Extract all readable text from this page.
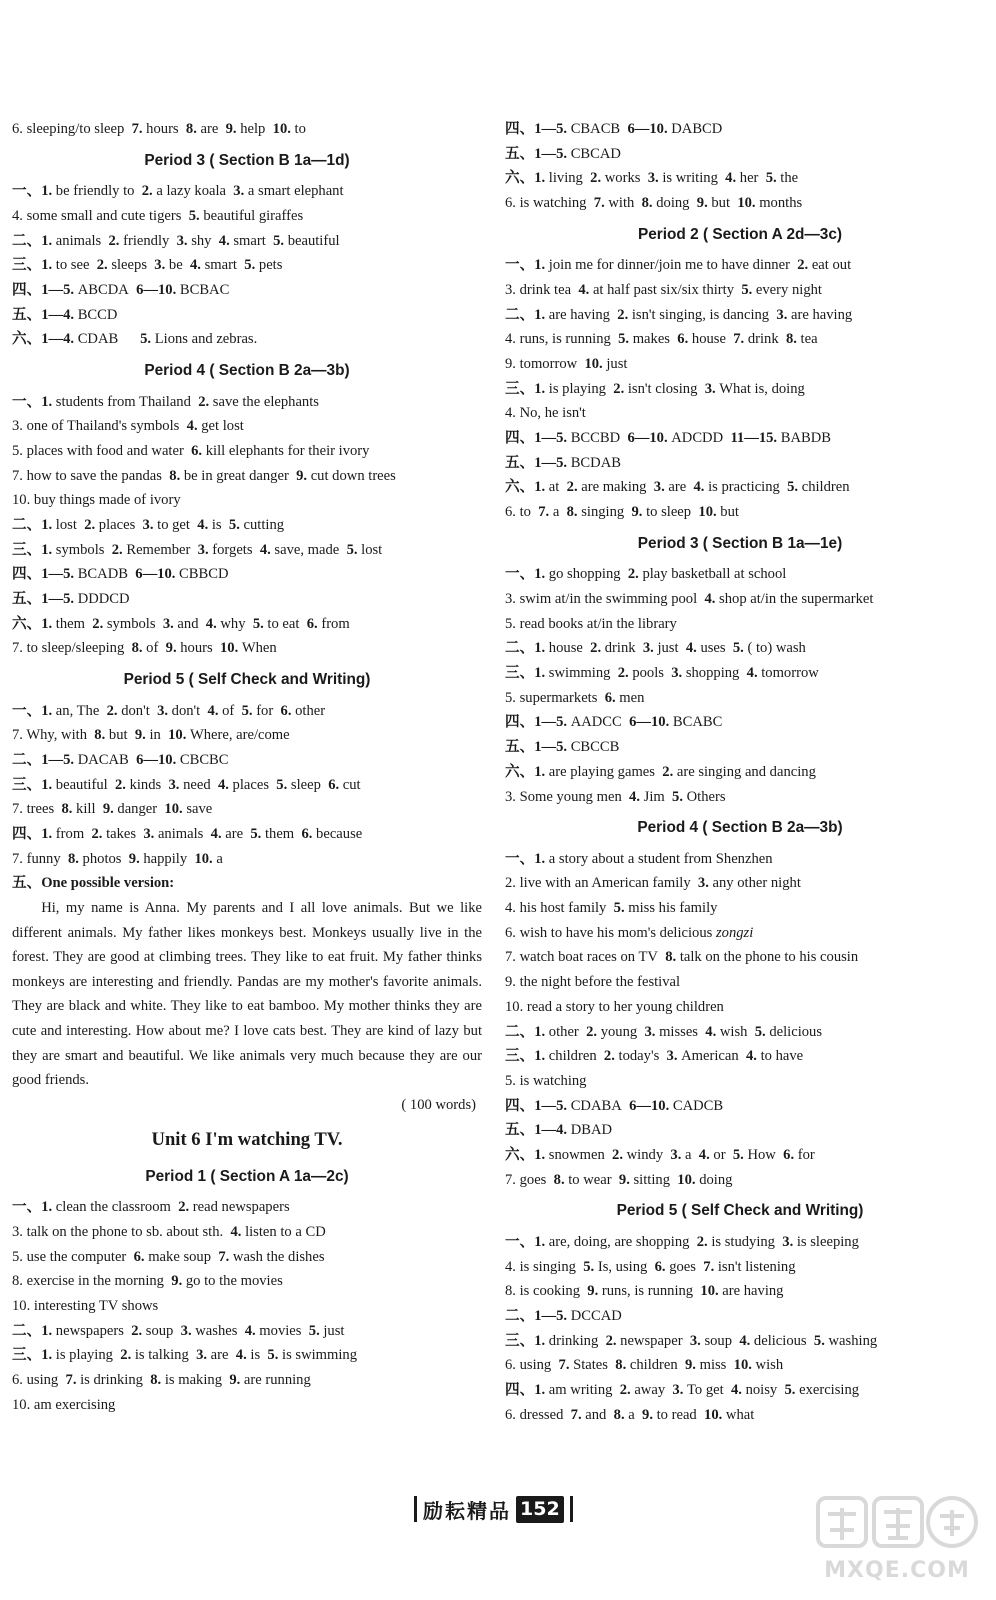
6. sleeping/to sleep  7. hours  8. are  9. help  10. to
Period 3 ( Section B 1a—1d)
一、1. be friendly to  2. a lazy koala  3. a smart elephant
4. some small and cute tigers  5. beautiful giraffes
二、1. animals  2. friendly  3. shy  4. smart  5. beautiful
三、1. to see  2. sleeps  3. be  4. smart  5. pets
四、1—5. ABCDA  6—10. BCBAC
五、1—4. BCCD
六、1—4. CDAB      5. Lions and zebras.
Period 4 ( Section B 2a—3b)
一、1. students from Thailand  2. save the elephants
3. one of Thailand's symbols  4. get lost
5. places with food and water  6. kill elephants for their ivory
7. how to save the pandas  8. be in great danger  9. cut down trees
10. buy things made of ivory
二、1. lost  2. places  3. to get  4. is  5. cutting
三、1. symbols  2. Remember  3. forgets  4. save, made  5. lost
四、1—5. BCADB  6—10. CBBCD
五、1—5. DDDCD
六、1. them  2. symbols  3. and  4. why  5. to eat  6. from
7. to sleep/sleeping  8. of  9. hours  10. When
Period 5 ( Self Check and Writing)
一、1. an, The  2. don't  3. don't  4. of  5. for  6. other
7. Why, with  8. but  9. in  10. Where, are/come
二、1—5. DACAB  6—10. CBCBC
三、1. beautiful  2. kinds  3. need  4. places  5. sleep  6. cut
7. trees  8. kill  9. danger  10. save
四、1. from  2. takes  3. animals  4. are  5. them  6. because
7. funny  8. photos  9. happily  10. a
五、One possible version:

Hi, my name is Anna. My parents and I all love animals. But we like different animals. My father likes monkeys best. Monkeys usually live in the forest. They are good at climbing trees. They like to eat fruit. My father thinks monkeys are interesting and friendly. Pandas are my mother's favorite animals. They are black and white. They like to eat bamboo. My mother thinks they are cute and interesting. How about me? I love cats best. They are kind of lazy but they are smart and beautiful. We like animals very much because they are our good friends.

( 100 words)
Unit 6 I'm watching TV.
Period 1 ( Section A 1a—2c)
一、1. clean the classroom  2. read newspapers
3. talk on the phone to sb. about sth.  4. listen to a CD
5. use the computer  6. make soup  7. wash the dishes
8. exercise in the morning  9. go to the movies
10. interesting TV shows
二、1. newspapers  2. soup  3. washes  4. movies  5. just
三、1. is playing  2. is talking  3. are  4. is  5. is swimming
6. using  7. is drinking  8. is making  9. are running
10. am exercising
四、1—5. CBACB  6—10. DABCD
五、1—5. CBCAD
六、1. living  2. works  3. is writing  4. her  5. the
6. is watching  7. with  8. doing  9. but  10. months
Period 2 ( Section A 2d—3c)
一、1. join me for dinner/join me to have dinner  2. eat out
3. drink tea  4. at half past six/six thirty  5. every night
二、1. are having  2. isn't singing, is dancing  3. are having
4. runs, is running  5. makes  6. house  7. drink  8. tea
9. tomorrow  10. just
三、1. is playing  2. isn't closing  3. What is, doing
4. No, he isn't
四、1—5. BCCBD  6—10. ADCDD  11—15. BABDB
五、1—5. BCDAB
六、1. at  2. are making  3. are  4. is practicing  5. children
6. to  7. a  8. singing  9. to sleep  10. but
Period 3 ( Section B 1a—1e)
一、1. go shopping  2. play basketball at school
3. swim at/in the swimming pool  4. shop at/in the supermarket
5. read books at/in the library
二、1. house  2. drink  3. just  4. uses  5. ( to) wash
三、1. swimming  2. pools  3. shopping  4. tomorrow
5. supermarkets  6. men
四、1—5. AADCC  6—10. BCABC
五、1—5. CBCCB
六、1. are playing games  2. are singing and dancing
3. Some young men  4. Jim  5. Others
Period 4 ( Section B 2a—3b)
一、1. a story about a student from Shenzhen
2. live with an American family  3. any other night
4. his host family  5. miss his family
6. wish to have his mom's delicious zongzi
7. watch boat races on TV  8. talk on the phone to his cousin
9. the night before the festival
10. read a story to her young children
二、1. other  2. young  3. misses  4. wish  5. delicious
三、1. children  2. today's  3. American  4. to have
5. is watching
四、1—5. CDABA  6—10. CADCB
五、1—4. DBAD
六、1. snowmen  2. windy  3. a  4. or  5. How  6. for
7. goes  8. to wear  9. sitting  10. doing
Period 5 ( Self Check and Writing)
一、1. are, doing, are shopping  2. is studying  3. is sleeping
4. is singing  5. Is, using  6. goes  7. isn't listening
8. is cooking  9. runs, is running  10. are having
二、1—5. DCCAD
三、1. drinking  2. newspaper  3. soup  4. delicious  5. washing
6. using  7. States  8. children  9. miss  10. wish
四、1. am writing  2. away  3. To get  4. noisy  5. exercising
6. dressed  7. and  8. a  9. to read  10. what
励耘精品 152
MXQE.COM
